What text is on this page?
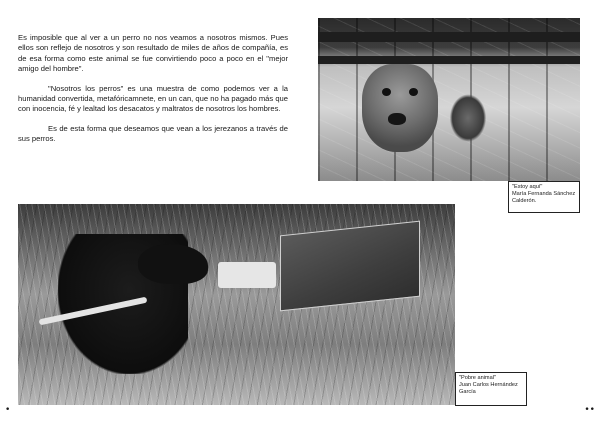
Es imposible que al ver a un perro no nos veamos a nosotros mismos. Pues ellos son reflejo de nosotros y son resultado de miles de años de compañía, es de esa forma como este animal se fue convirtiendo poco a poco en el "mejor amigo del hombre".

"Nosotros los perros" es una muestra de como podemos ver a la humanidad convertida, metafóricamnete, en un can, que no ha pagado más que con inocencia, fé y lealtad los desacatos y maltratos de nosotros los hombres.

Es de esta forma que deseamos que vean a los jerezanos a través de sus perros.

"Estoy aquí"
María Fernanda Sánchez Calderón.
"Pobre animal"
Juan Carlos Hernández García
•	••
